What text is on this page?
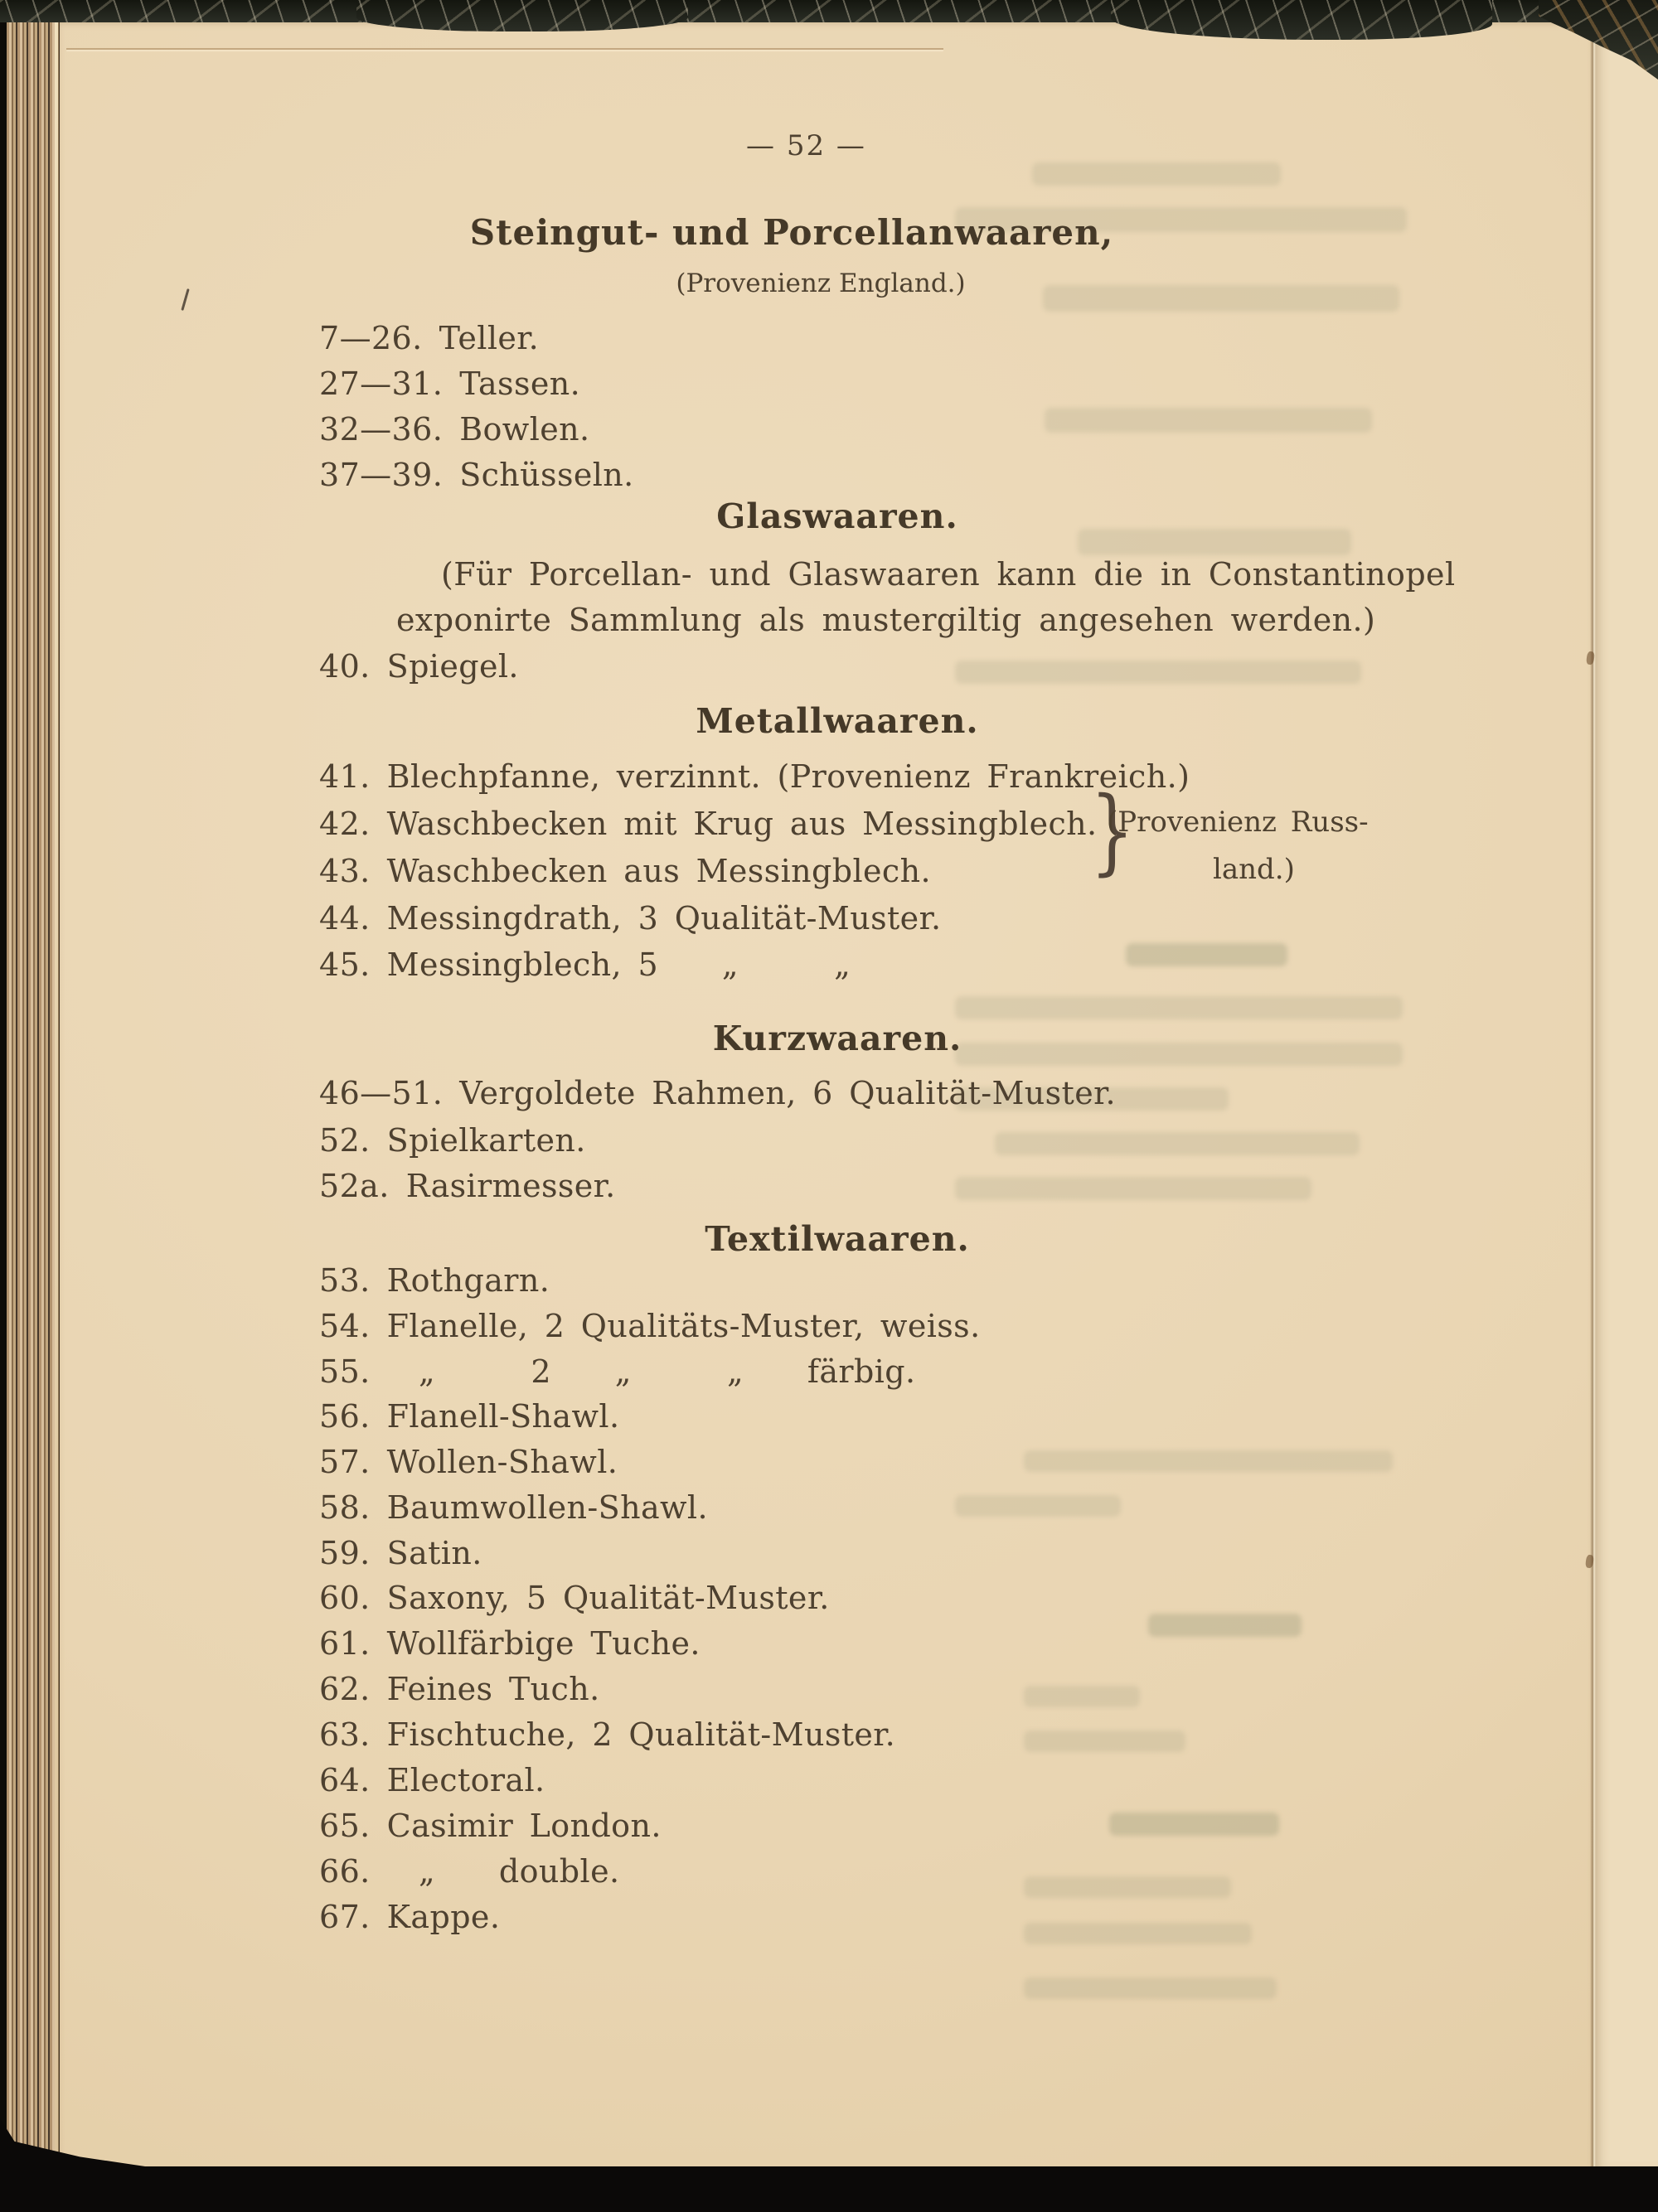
— 52 —
Steingut- und Porcellanwaaren,
(Provenienz England.)
7—26. Teller.
27—31. Tassen.
32—36. Bowlen.
37—39. Schüsseln.
Glaswaaren.
(Für Porcellan- und Glaswaaren kann die in Constantinopel
exponirte Sammlung als mustergiltig angesehen werden.)
40. Spiegel.
Metallwaaren.
41. Blechpfanne, verzinnt. (Provenienz Frankreich.)
42. Waschbecken mit Krug aus Messingblech.
43. Waschbecken aus Messingblech.
44. Messingdrath, 3 Qualität-Muster.
45. Messingblech, 5  „   „
}
(Provenienz Russ-
land.)
Kurzwaaren.
46—51. Vergoldete Rahmen, 6 Qualität-Muster.
52. Spielkarten.
52a. Rasirmesser.
Textilwaaren.
53. Rothgarn.
54. Flanelle, 2 Qualitäts-Muster, weiss.
55. „   2  „   „  färbig.
56. Flanell-Shawl.
57. Wollen-Shawl.
58. Baumwollen-Shawl.
59. Satin.
60. Saxony, 5 Qualität-Muster.
61. Wollfärbige Tuche.
62. Feines Tuch.
63. Fischtuche, 2 Qualität-Muster.
64. Electoral.
65. Casimir London.
66. „  double.
67. Kappe.
